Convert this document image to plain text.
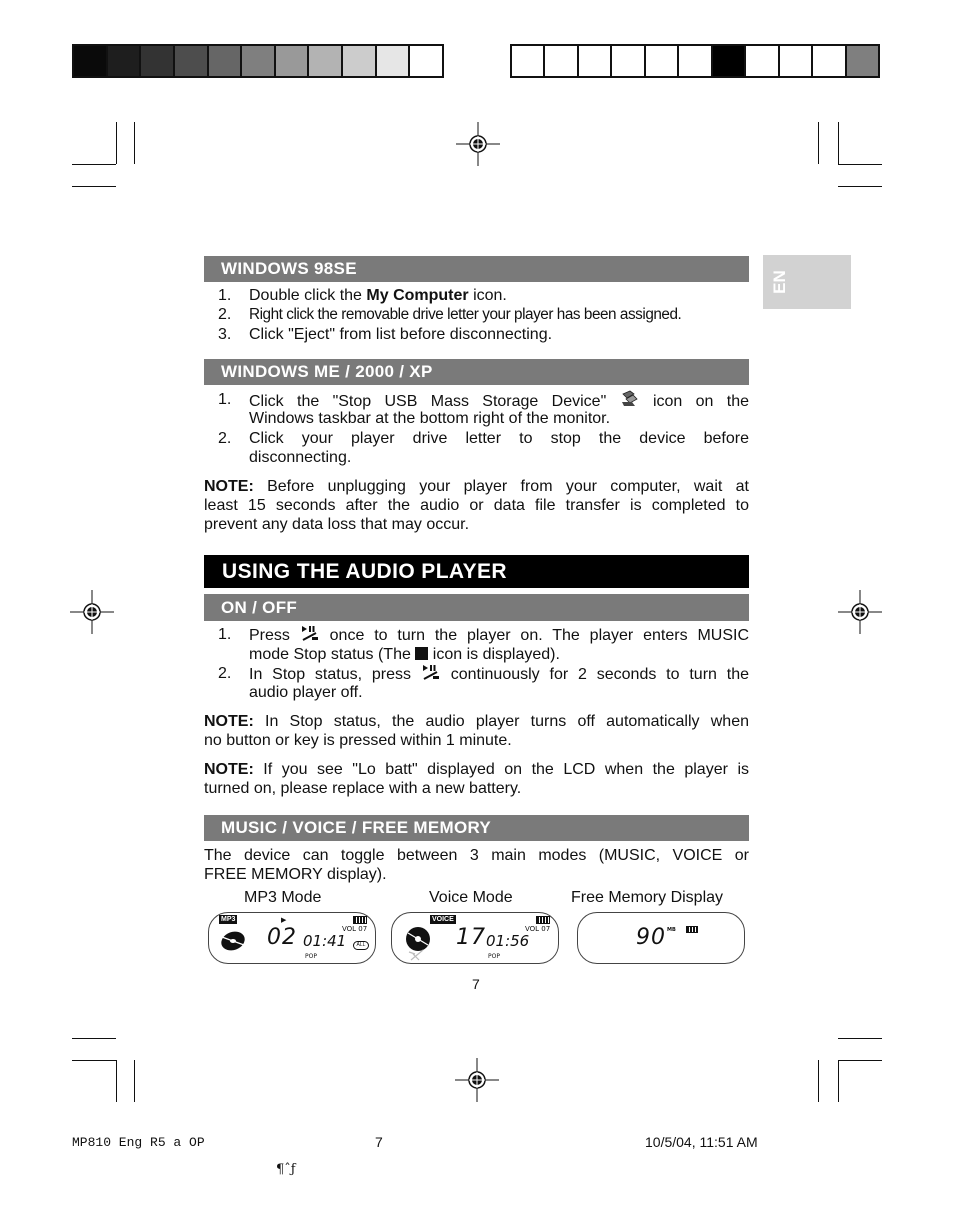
EN
WINDOWS 98SE
1. Double click the My Computer icon.
2. Right click the removable drive letter your player has been assigned.
3. Click "Eject" from list before disconnecting.
WINDOWS ME / 2000 / XP
1. Click the "Stop USB Mass Storage Device"	icon on the
Windows taskbar at the bottom right of the monitor.
2. Click your player drive letter to stop the device before
disconnecting.
NOTE: Before unplugging your player from your computer, wait at
least 15 seconds after the audio or data file transfer is completed to
prevent any data loss that may occur.
USING THE AUDIO PLAYER
ON / OFF
1. Press once to turn the player on. The player enters MUSIC
mode Stop status (The icon is displayed).
2. In Stop status, press continuously for 2 seconds to turn the
audio player off.
NOTE: In Stop status, the audio player turns off automatically when
no button or key is pressed within 1 minute.
NOTE: If you see "Lo batt" displayed on the LCD when the player is
turned on, please replace with a new battery.
MUSIC / VOICE / FREE MEMORY
The device can toggle between 3 main modes (MUSIC, VOICE or
FREE MEMORY display).
MP3 Mode	Voice Mode	Free Memory Display
MP3	▶
02 01:41
VOL 07
ALL
POP
VOICE
17 01:56
VOL 07
POP
90 MB
7
MP810 Eng R5 a OP	7	10/5/04, 11:51 AM
¶ˆƒ
